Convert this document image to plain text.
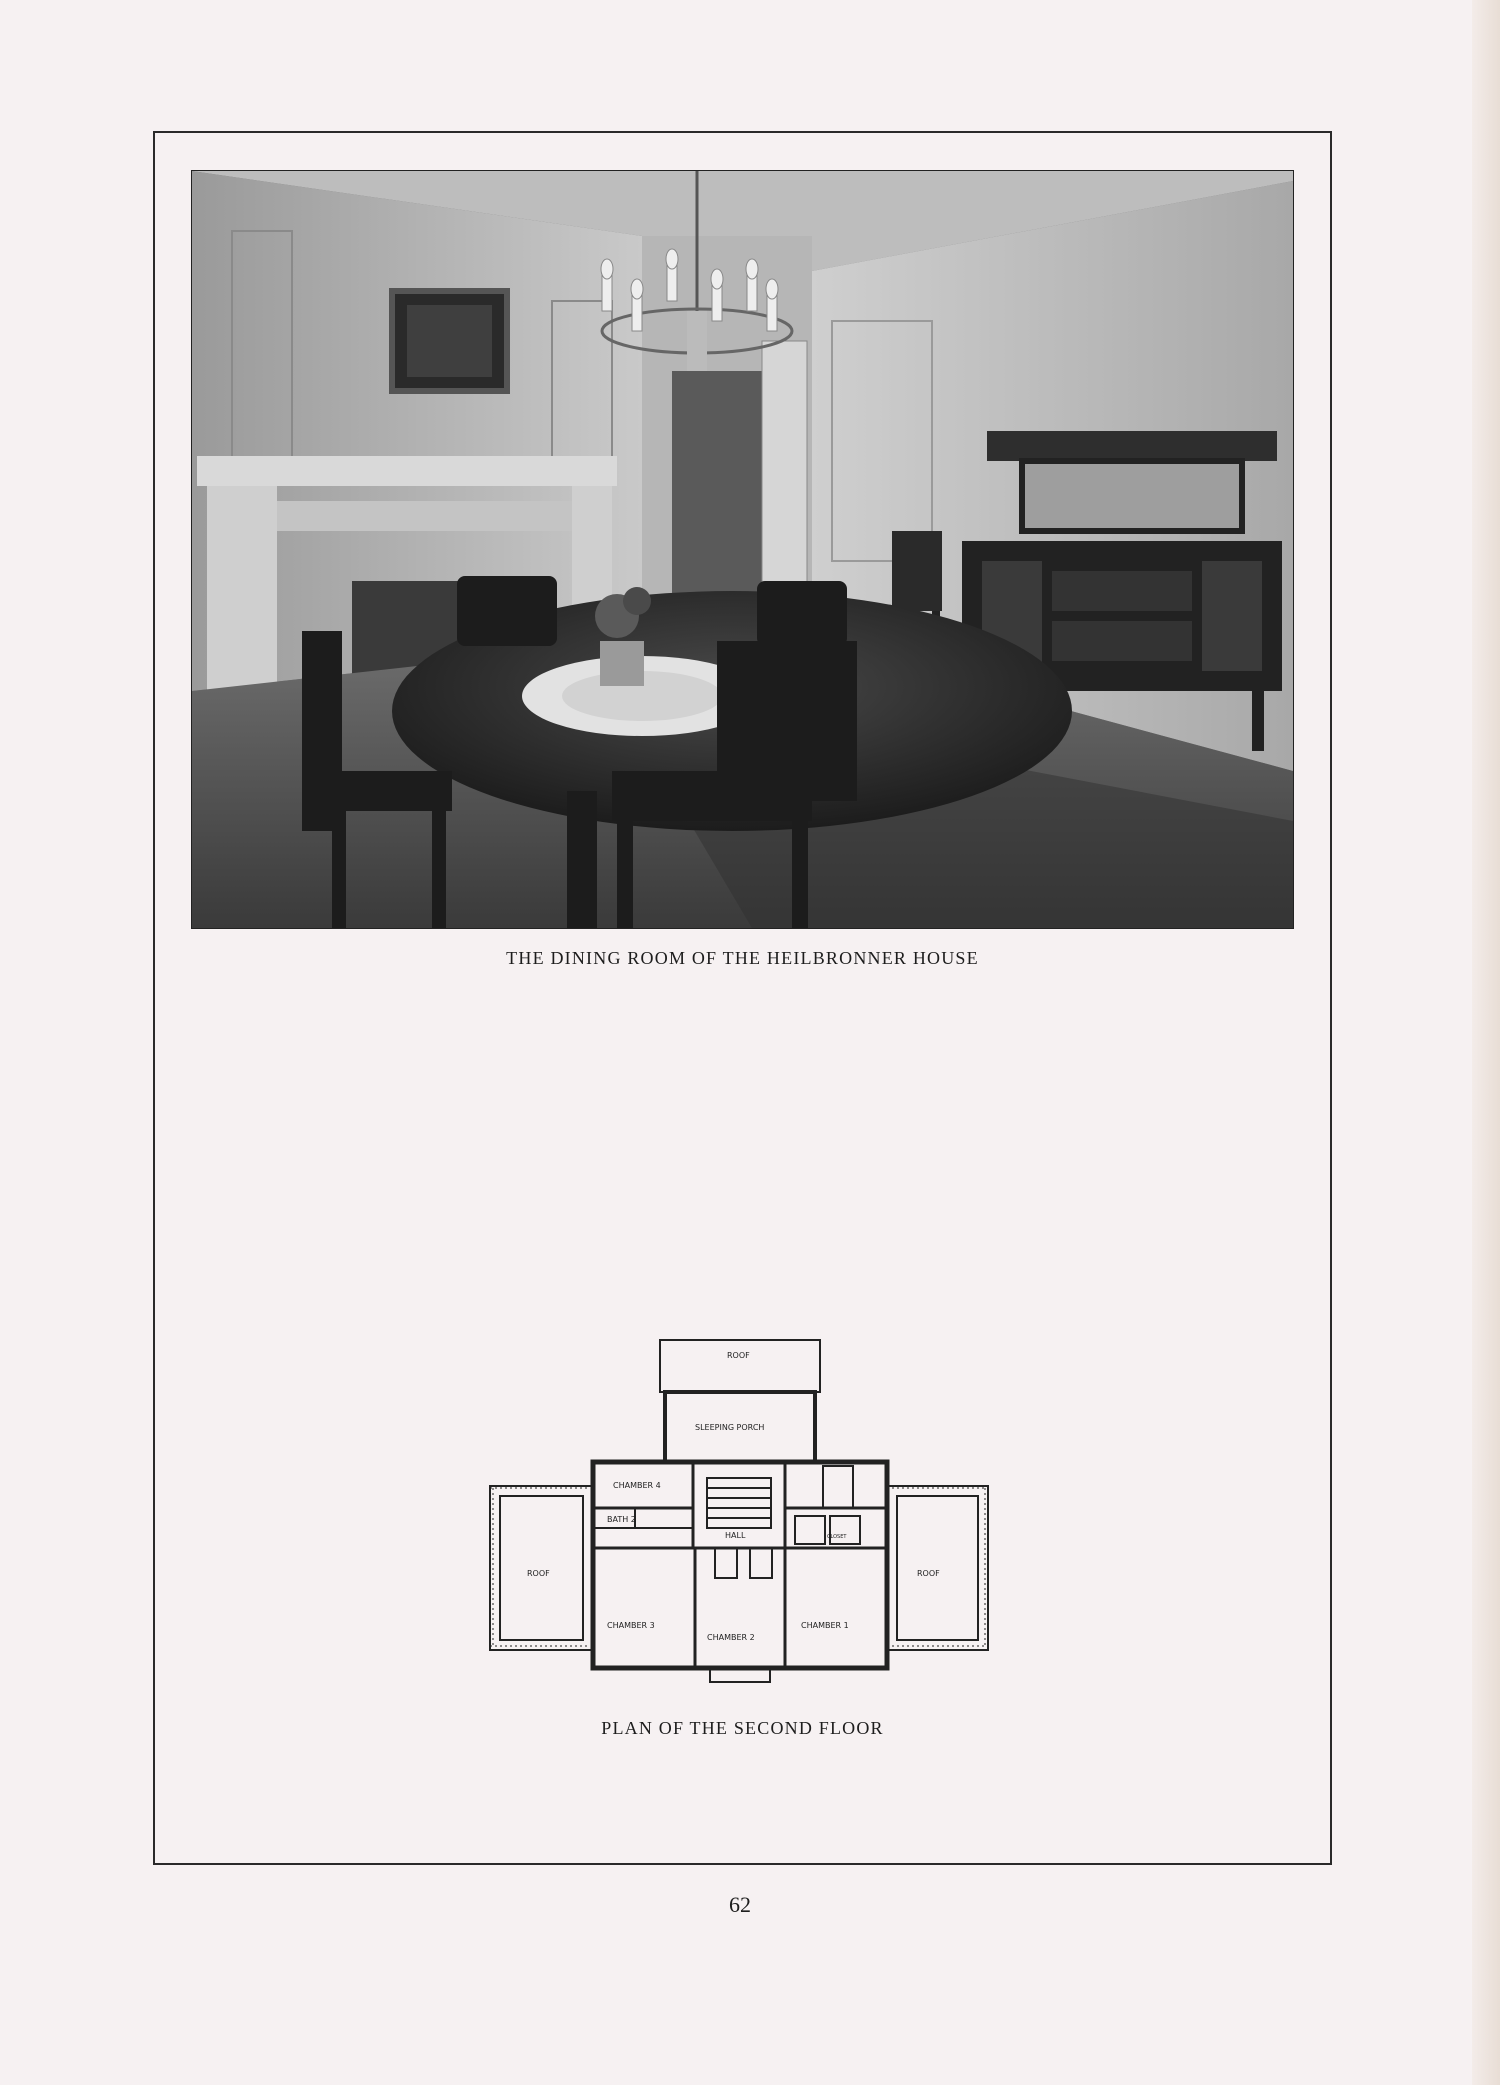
THE DINING ROOM OF THE HEILBRONNER HOUSE
ROOF
SLEEPING PORCH
CHAMBER 4
HALL
BATH 2
ROOF	ROOF
CHAMBER 3
CHAMBER 2
CHAMBER 1
CLOSET
PLAN OF THE SECOND FLOOR
62
